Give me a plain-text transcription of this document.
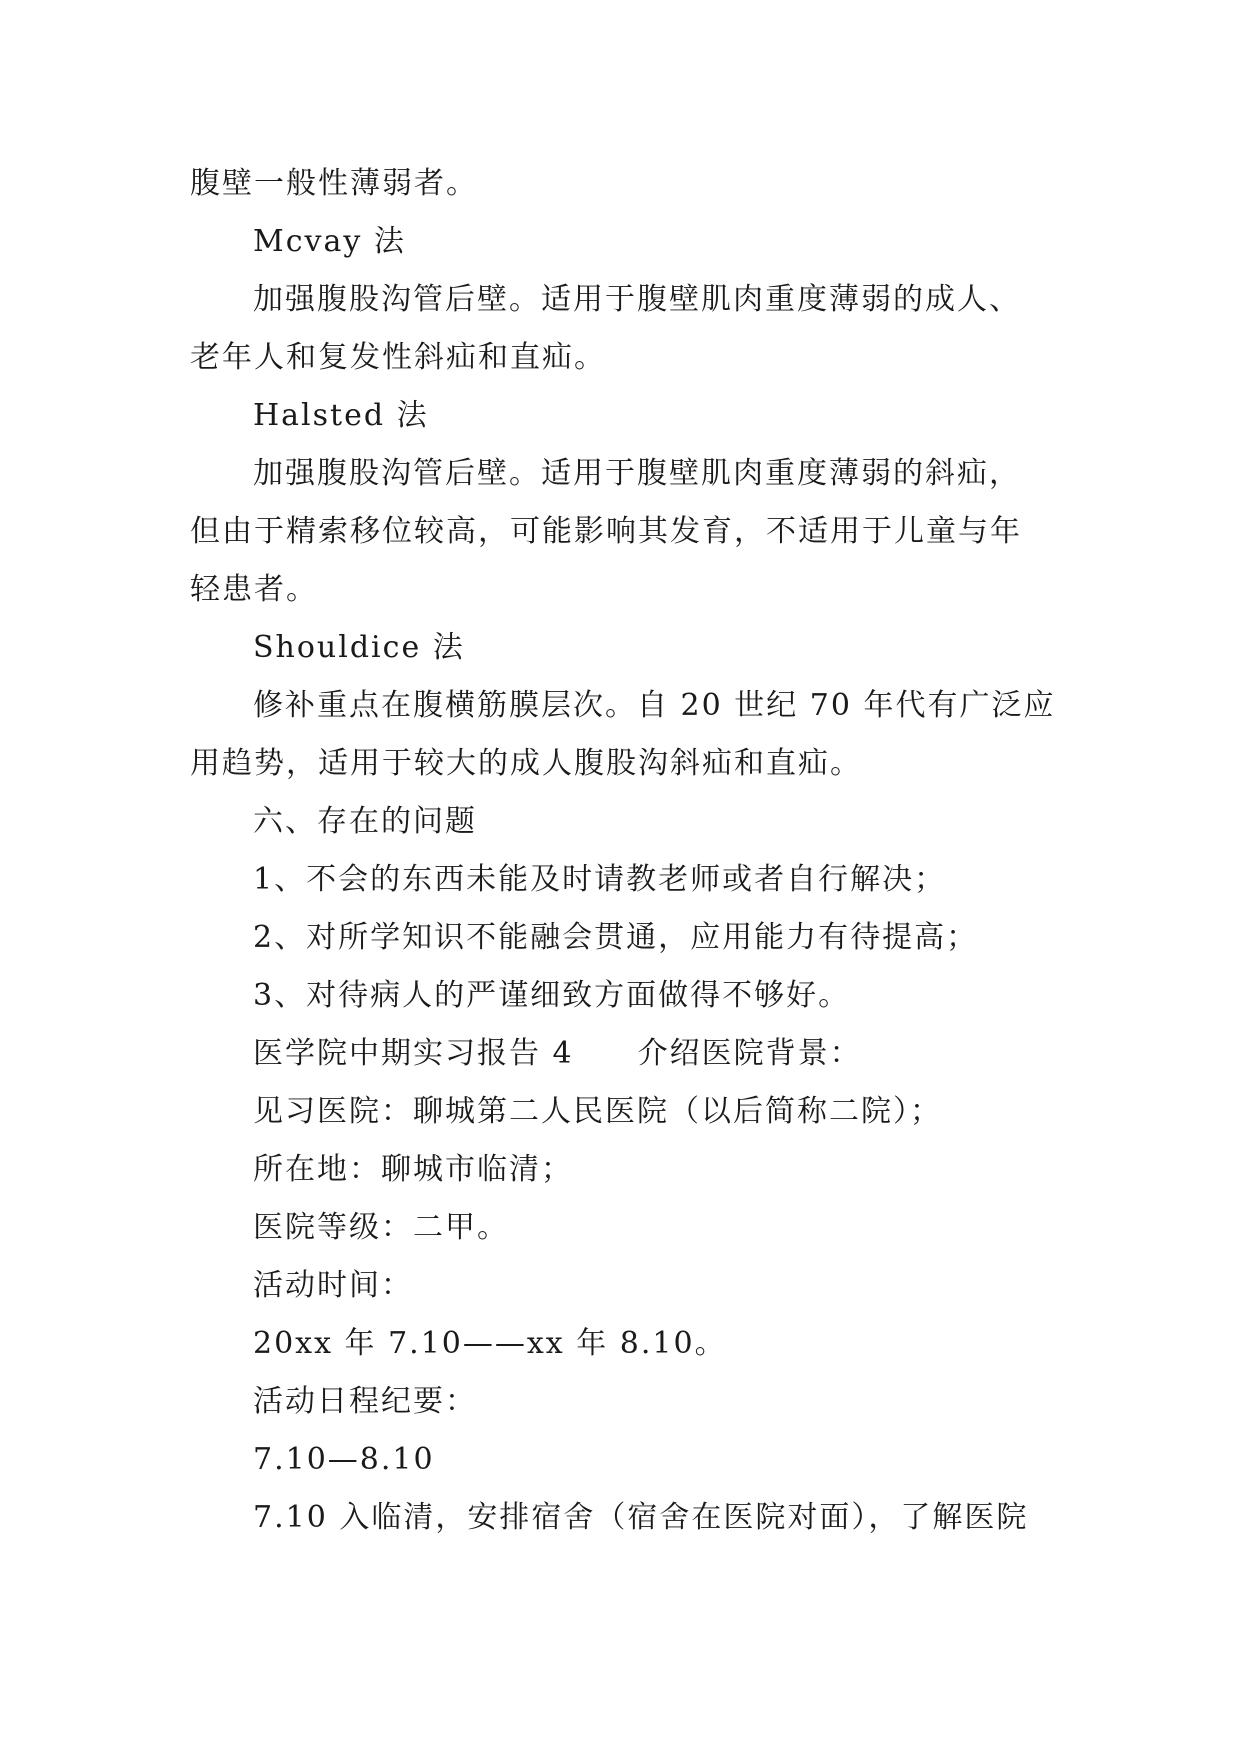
腹壁一般性薄弱者。
Mcvay 法
加强腹股沟管后壁。适用于腹壁肌肉重度薄弱的成人、
老年人和复发性斜疝和直疝。
Halsted 法
加强腹股沟管后壁。适用于腹壁肌肉重度薄弱的斜疝，
但由于精索移位较高，可能影响其发育，不适用于儿童与年
轻患者。
Shouldice 法
修补重点在腹横筋膜层次。自 20 世纪 70 年代有广泛应
用趋势，适用于较大的成人腹股沟斜疝和直疝。
六、存在的问题
1、不会的东西未能及时请教老师或者自行解决；
2、对所学知识不能融会贯通，应用能力有待提高；
3、对待病人的严谨细致方面做得不够好。
医学院中期实习报告 4　　介绍医院背景：
见习医院：聊城第二人民医院（以后简称二院）；
所在地：聊城市临清；
医院等级：二甲。
活动时间：
20xx 年 7.10——xx 年 8.10。
活动日程纪要：
7.10—8.10
7.10 入临清，安排宿舍（宿舍在医院对面），了解医院
